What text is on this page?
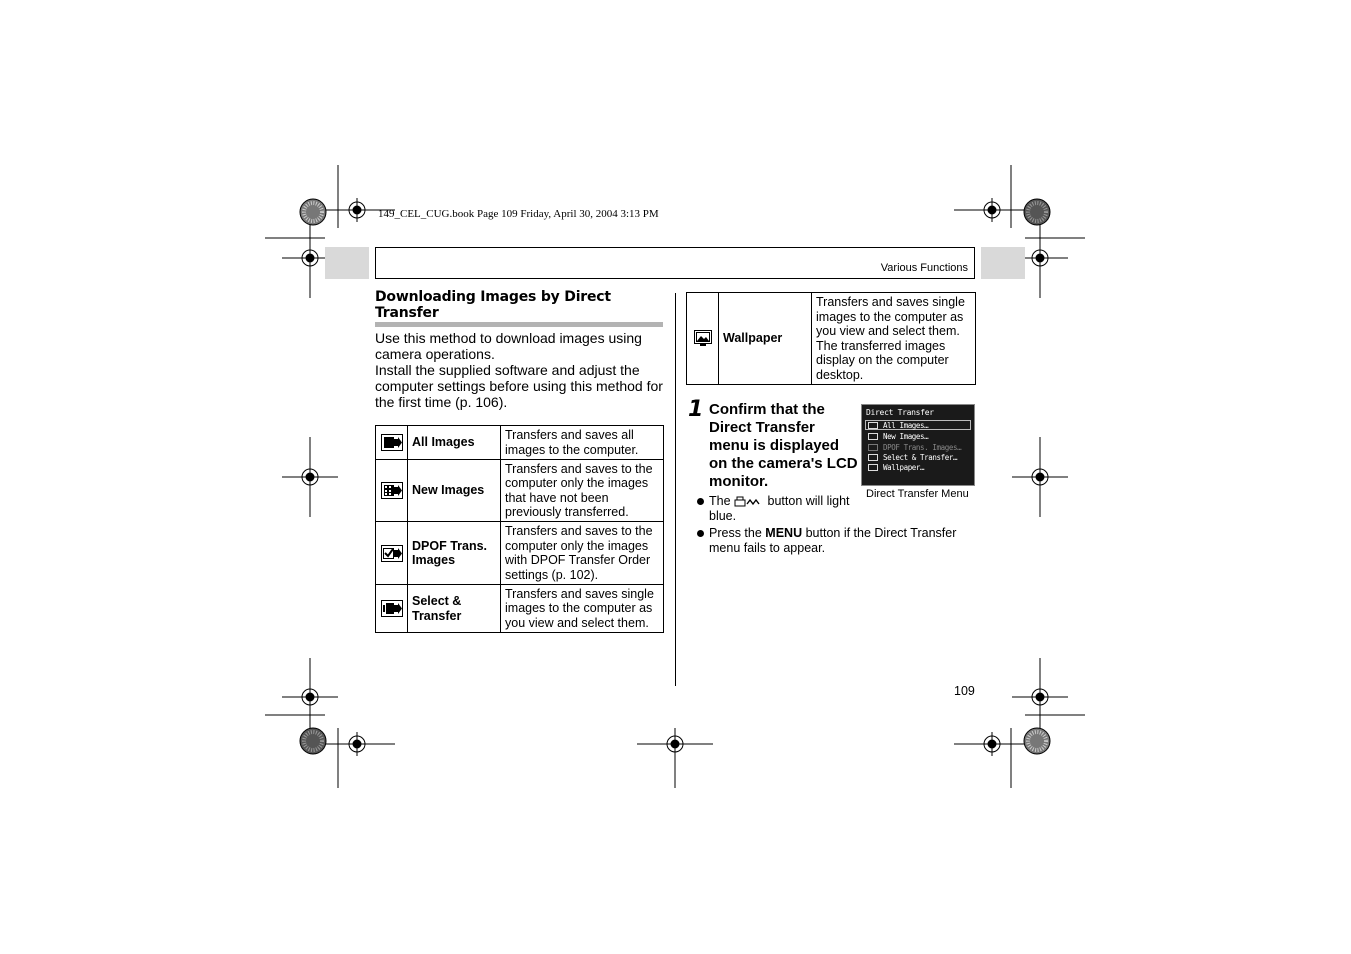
149_CEL_CUG.book Page 109 Friday, April 30, 2004 3:13 PM
Various Functions
Downloading Images by Direct Transfer

Use this method to download images using camera operations.

Install the supplied software and adjust the computer settings before using this method for the first time (p. 106).

	All Images	Transfers and saves all images to the computer.

	New Images	Transfers and saves to the computer only the images that have not been previously transferred.

	DPOF Trans. Images	Transfers and saves to the computer only the images with DPOF Transfer Order settings (p. 102).

	Select & Transfer	Transfers and saves single images to the computer as you view and select them.
	Wallpaper	Transfers and saves single images to the computer as you view and select them. The transferred images display on the computer desktop.
1 Confirm that the Direct Transfer menu is displayed on the camera's LCD monitor.
Direct Transfer
All Images…
New Images…
DPOF Trans. Images…
Select & Transfer…
Wallpaper…
Direct Transfer Menu
The	button will light blue.
Press the MENU button if the Direct Transfer menu fails to appear.
109
